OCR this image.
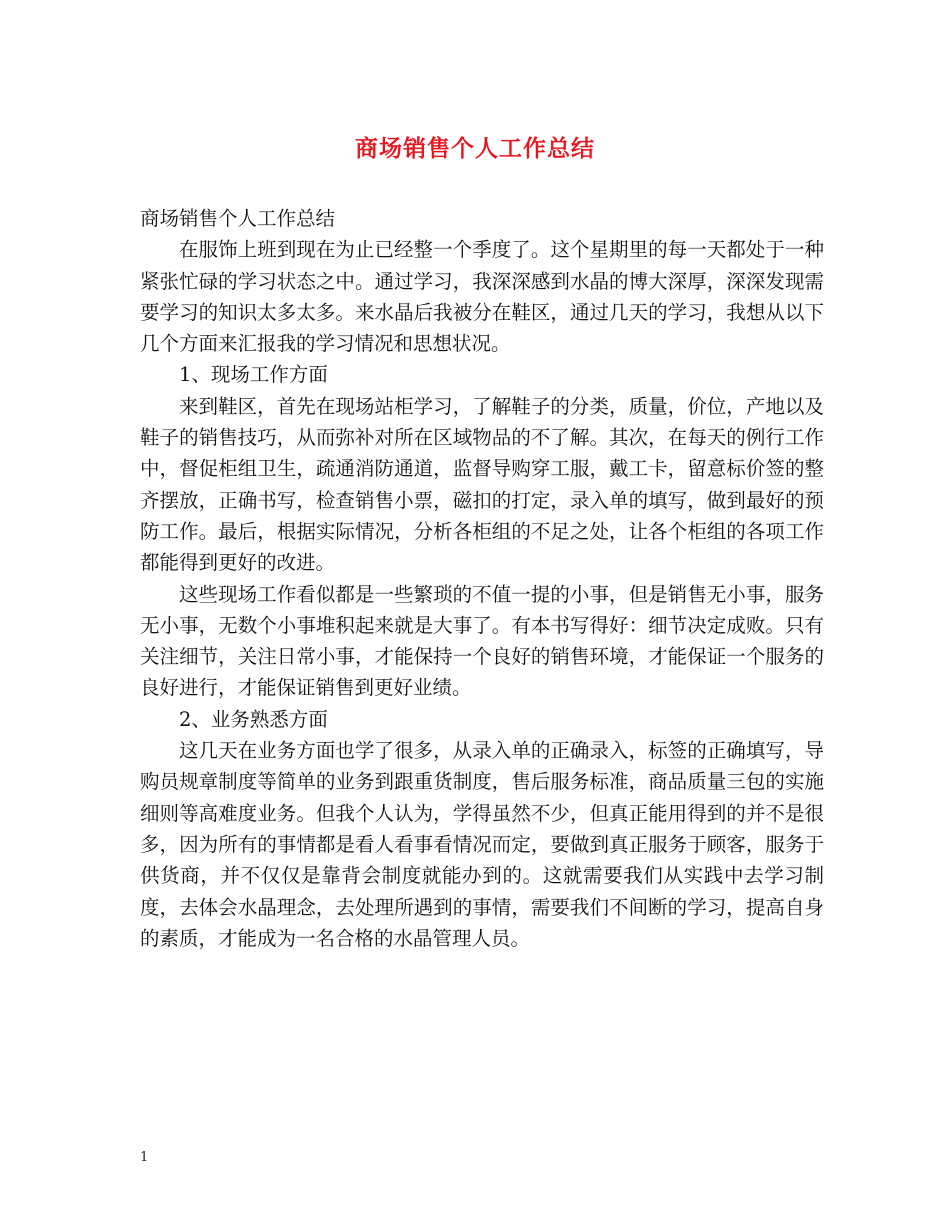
商场销售个人工作总结

商场销售个人工作总结

在服饰上班到现在为止已经整一个季度了。这个星期里的每一天都处于一种紧张忙碌的学习状态之中。通过学习，我深深感到水晶的博大深厚，深深发现需要学习的知识太多太多。来水晶后我被分在鞋区，通过几天的学习，我想从以下几个方面来汇报我的学习情况和思想状况。

1、现场工作方面

来到鞋区，首先在现场站柜学习，了解鞋子的分类，质量，价位，产地以及鞋子的销售技巧，从而弥补对所在区域物品的不了解。其次，在每天的例行工作中，督促柜组卫生，疏通消防通道，监督导购穿工服，戴工卡，留意标价签的整齐摆放，正确书写，检查销售小票，磁扣的打定，录入单的填写，做到最好的预防工作。最后，根据实际情况，分析各柜组的不足之处，让各个柜组的各项工作都能得到更好的改进。

这些现场工作看似都是一些繁琐的不值一提的小事，但是销售无小事，服务无小事，无数个小事堆积起来就是大事了。有本书写得好：细节决定成败。只有关注细节，关注日常小事，才能保持一个良好的销售环境，才能保证一个服务的良好进行，才能保证销售到更好业绩。

2、业务熟悉方面

这几天在业务方面也学了很多，从录入单的正确录入，标签的正确填写，导购员规章制度等简单的业务到跟重货制度，售后服务标准，商品质量三包的实施细则等高难度业务。但我个人认为，学得虽然不少，但真正能用得到的并不是很多，因为所有的事情都是看人看事看情况而定，要做到真正服务于顾客，服务于供货商，并不仅仅是靠背会制度就能办到的。这就需要我们从实践中去学习制度，去体会水晶理念，去处理所遇到的事情，需要我们不间断的学习，提高自身的素质，才能成为一名合格的水晶管理人员。

1
